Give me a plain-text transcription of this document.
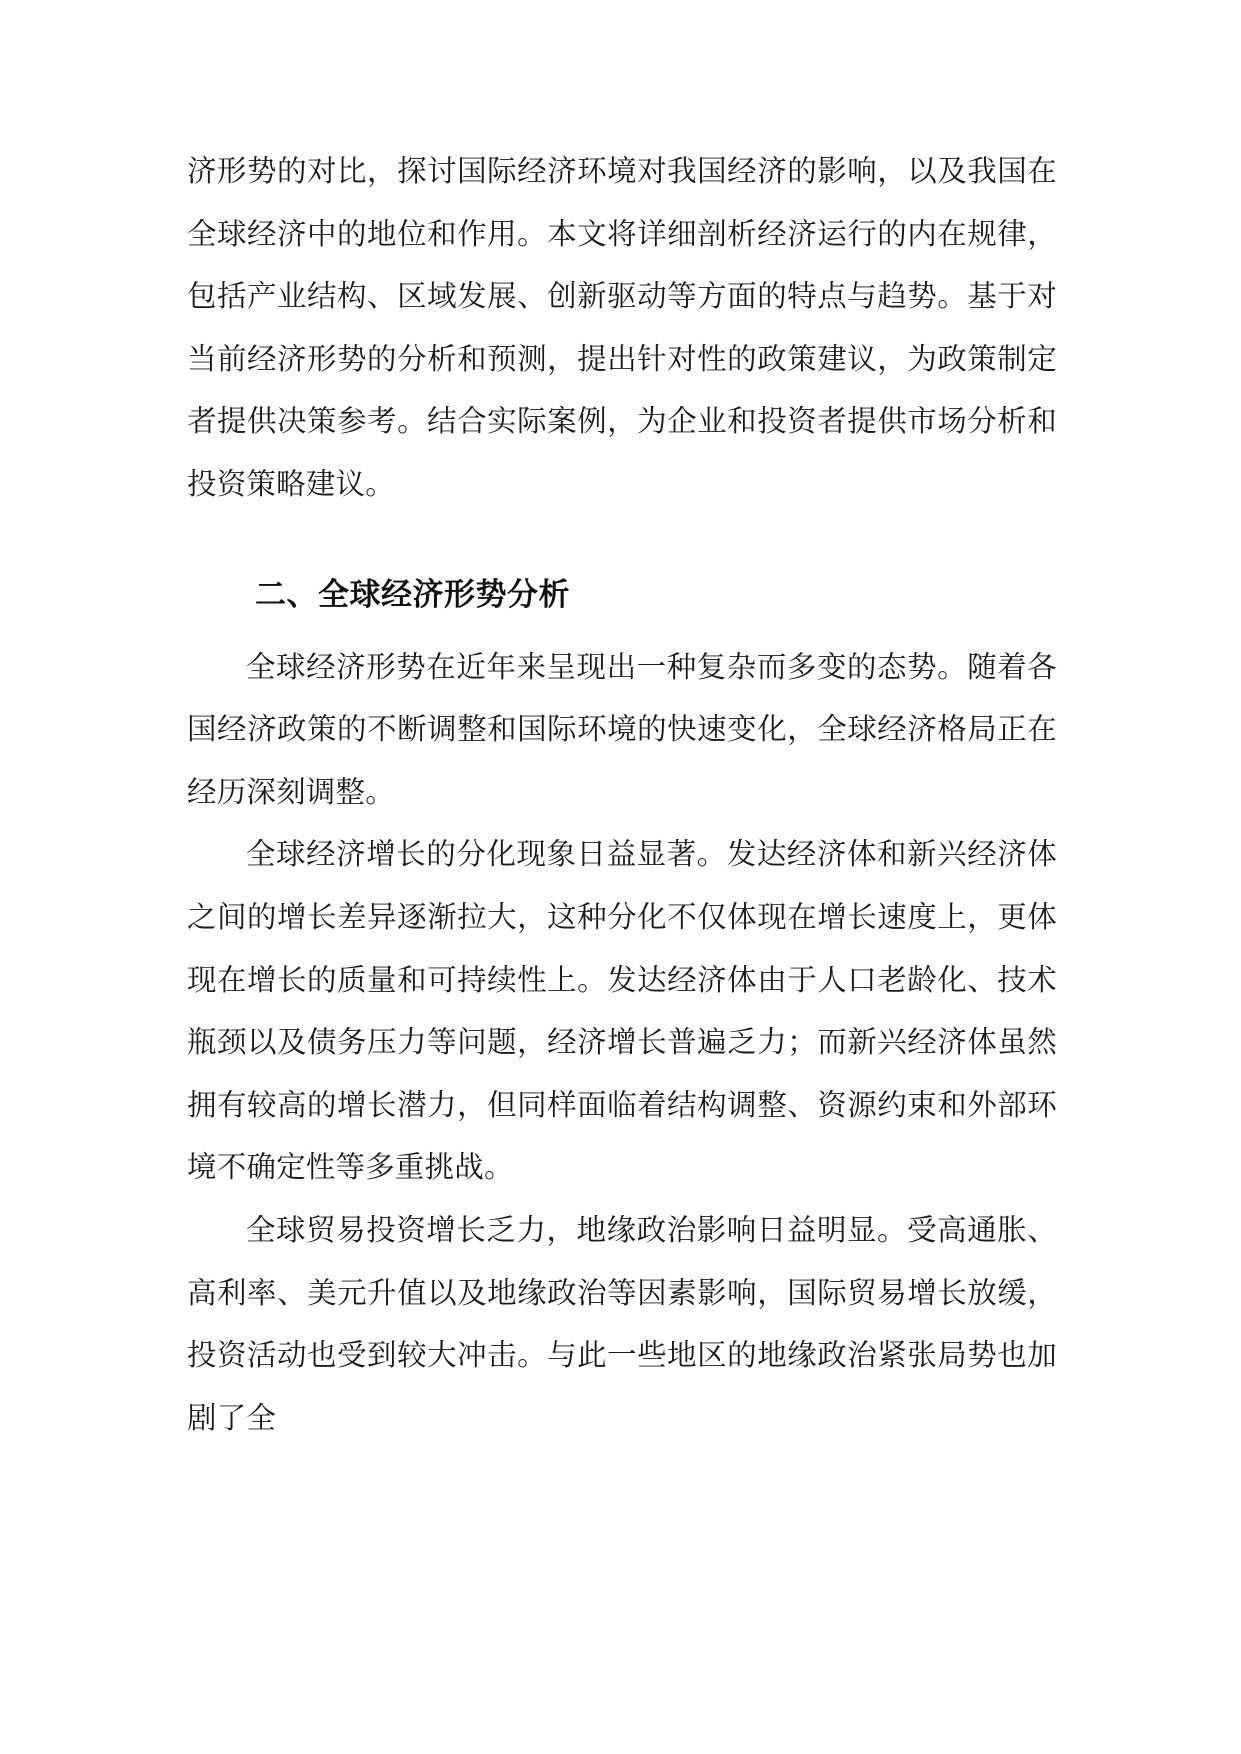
济形势的对比，探讨国际经济环境对我国经济的影响，以及我国在全球经济中的地位和作用。本文将详细剖析经济运行的内在规律，包括产业结构、区域发展、创新驱动等方面的特点与趋势。基于对当前经济形势的分析和预测，提出针对性的政策建议，为政策制定者提供决策参考。结合实际案例，为企业和投资者提供市场分析和投资策略建议。

二、全球经济形势分析

全球经济形势在近年来呈现出一种复杂而多变的态势。随着各国经济政策的不断调整和国际环境的快速变化，全球经济格局正在经历深刻调整。

全球经济增长的分化现象日益显著。发达经济体和新兴经济体之间的增长差异逐渐拉大，这种分化不仅体现在增长速度上，更体现在增长的质量和可持续性上。发达经济体由于人口老龄化、技术瓶颈以及债务压力等问题，经济增长普遍乏力；而新兴经济体虽然拥有较高的增长潜力，但同样面临着结构调整、资源约束和外部环境不确定性等多重挑战。

全球贸易投资增长乏力，地缘政治影响日益明显。受高通胀、高利率、美元升值以及地缘政治等因素影响，国际贸易增长放缓，投资活动也受到较大冲击。与此一些地区的地缘政治紧张局势也加剧了全
